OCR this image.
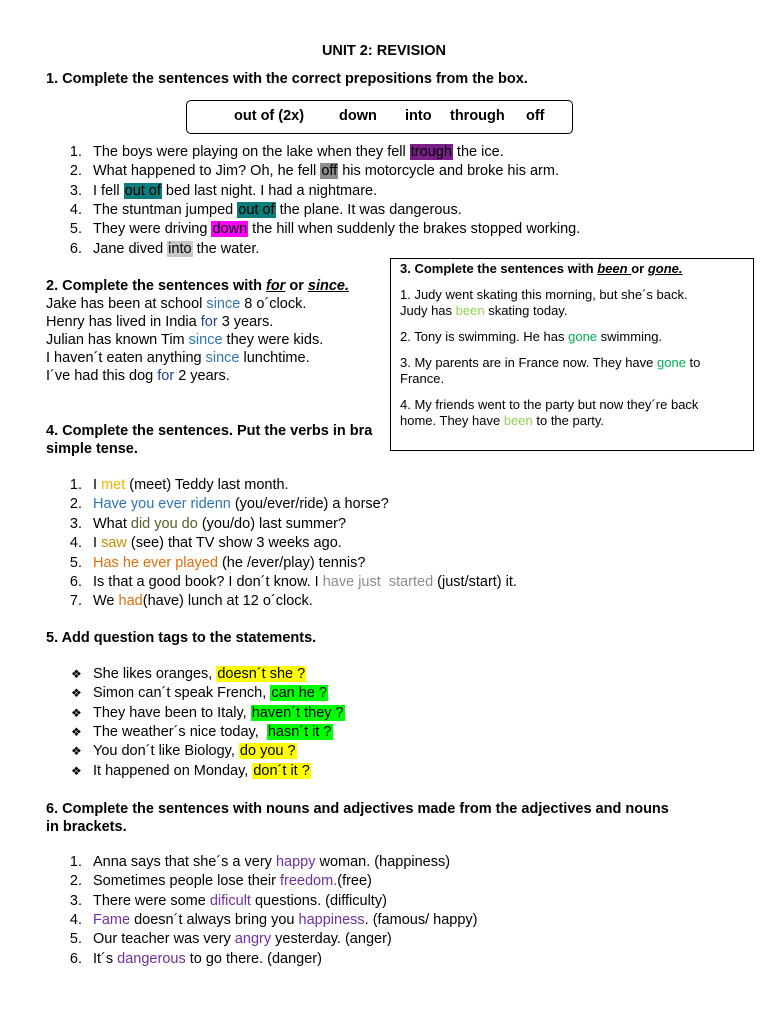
UNIT 2: REVISION
1. Complete the sentences with the correct prepositions from the box.
out of (2x) down into through off
1. The boys were playing on the lake when they fell trough the ice.
2. What happened to Jim? Oh, he fell off his motorcycle and broke his arm.
3. I fell out of bed last night. I had a nightmare.
4. The stuntman jumped out of the plane. It was dangerous.
5. They were driving down the hill when suddenly the brakes stopped working.
6. Jane dived into the water.
2. Complete the sentences with for or since.
Jake has been at school since 8 o´clock.
Henry has lived in India for 3 years.
Julian has known Tim since they were kids.
I haven´t eaten anything since lunchtime.
I´ve had this dog for 2 years.
3. Complete the sentences with been or gone.
1. Judy went skating this morning, but she´s back.
Judy has been skating today.
2. Tony is swimming. He has gone swimming.
3. My parents are in France now. They have gone to
France.
4. My friends went to the party but now they´re back
home. They have been to the party.
4. Complete the sentences. Put the verbs in bra
simple tense.
1. I met (meet) Teddy last month.
2. Have you ever ridenn (you/ever/ride) a horse?
3. What did you do (you/do) last summer?
4. I saw (see) that TV show 3 weeks ago.
5. Has he ever played (he /ever/play) tennis?
6. Is that a good book? I don´t know. I have just  started (just/start) it.
7. We had(have) lunch at 12 o´clock.
5. Add question tags to the statements.
❖ She likes oranges, doesn´t she ?
❖ Simon can´t speak French, can he ?
❖ They have been to Italy, haven´t they ?
❖ The weather´s nice today,  hasn´t it ?
❖ You don´t like Biology, do you ?
❖ It happened on Monday, don´t it ?
6. Complete the sentences with nouns and adjectives made from the adjectives and nouns
in brackets.
1. Anna says that she´s a very happy woman. (happiness)
2. Sometimes people lose their freedom.(free)
3. There were some dificult questions. (difficulty)
4. Fame doesn´t always bring you happiness. (famous/ happy)
5. Our teacher was very angry yesterday. (anger)
6. It´s dangerous to go there. (danger)
